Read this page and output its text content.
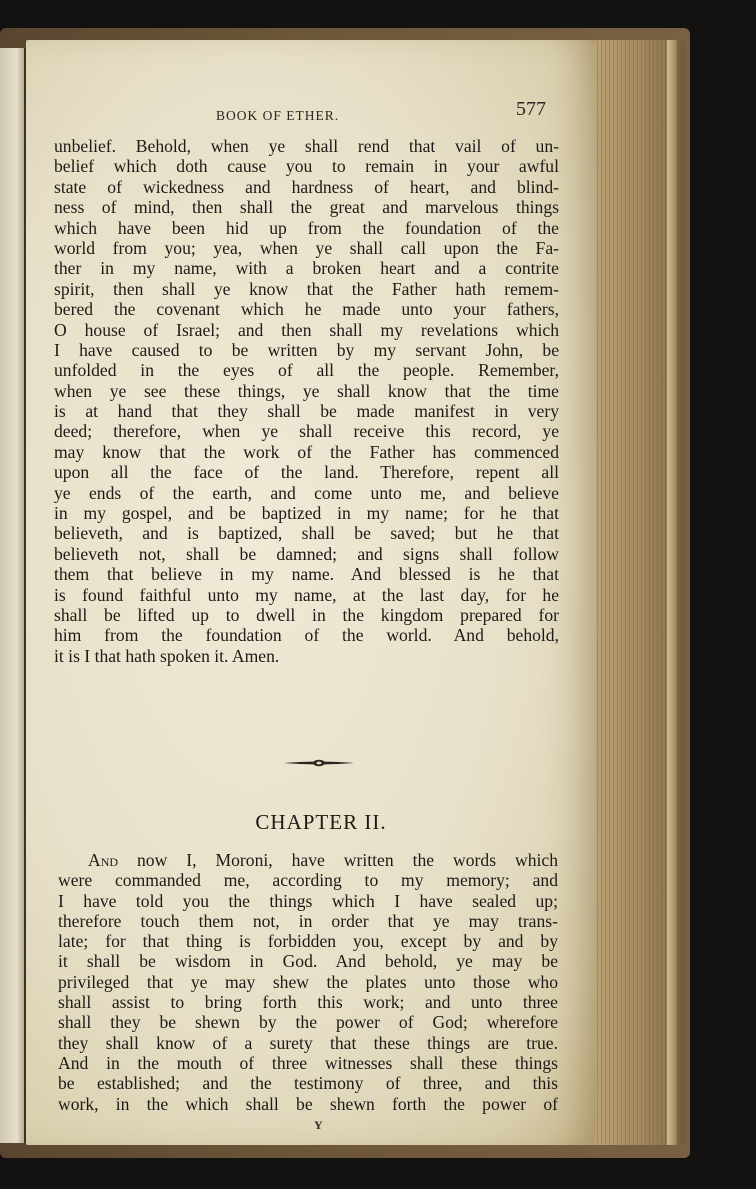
BOOK OF ETHER.	577
unbelief. Behold, when ye shall rend that vail of un-
belief which doth cause you to remain in your awful
state of wickedness and hardness of heart, and blind-
ness of mind, then shall the great and marvelous things
which have been hid up from the foundation of the
world from you; yea, when ye shall call upon the Fa-
ther in my name, with a broken heart and a contrite
spirit, then shall ye know that the Father hath remem-
bered the covenant which he made unto your fathers,
O house of Israel; and then shall my revelations which
I have caused to be written by my servant John, be
unfolded in the eyes of all the people. Remember,
when ye see these things, ye shall know that the time
is at hand that they shall be made manifest in very
deed; therefore, when ye shall receive this record, ye
may know that the work of the Father has commenced
upon all the face of the land. Therefore, repent all
ye ends of the earth, and come unto me, and believe
in my gospel, and be baptized in my name; for he that
believeth, and is baptized, shall be saved; but he that
believeth not, shall be damned; and signs shall follow
them that believe in my name. And blessed is he that
is found faithful unto my name, at the last day, for he
shall be lifted up to dwell in the kingdom prepared for
him from the foundation of the world. And behold,
it is I that hath spoken it. Amen.
CHAPTER II.
And now I, Moroni, have written the words which
were commanded me, according to my memory; and
I have told you the things which I have sealed up;
therefore touch them not, in order that ye may trans-
late; for that thing is forbidden you, except by and by
it shall be wisdom in God. And behold, ye may be
privileged that ye may shew the plates unto those who
shall assist to bring forth this work; and unto three
shall they be shewn by the power of God; wherefore
they shall know of a surety that these things are true.
And in the mouth of three witnesses shall these things
be established; and the testimony of three, and this
work, in the which shall be shewn forth the power of
Y
